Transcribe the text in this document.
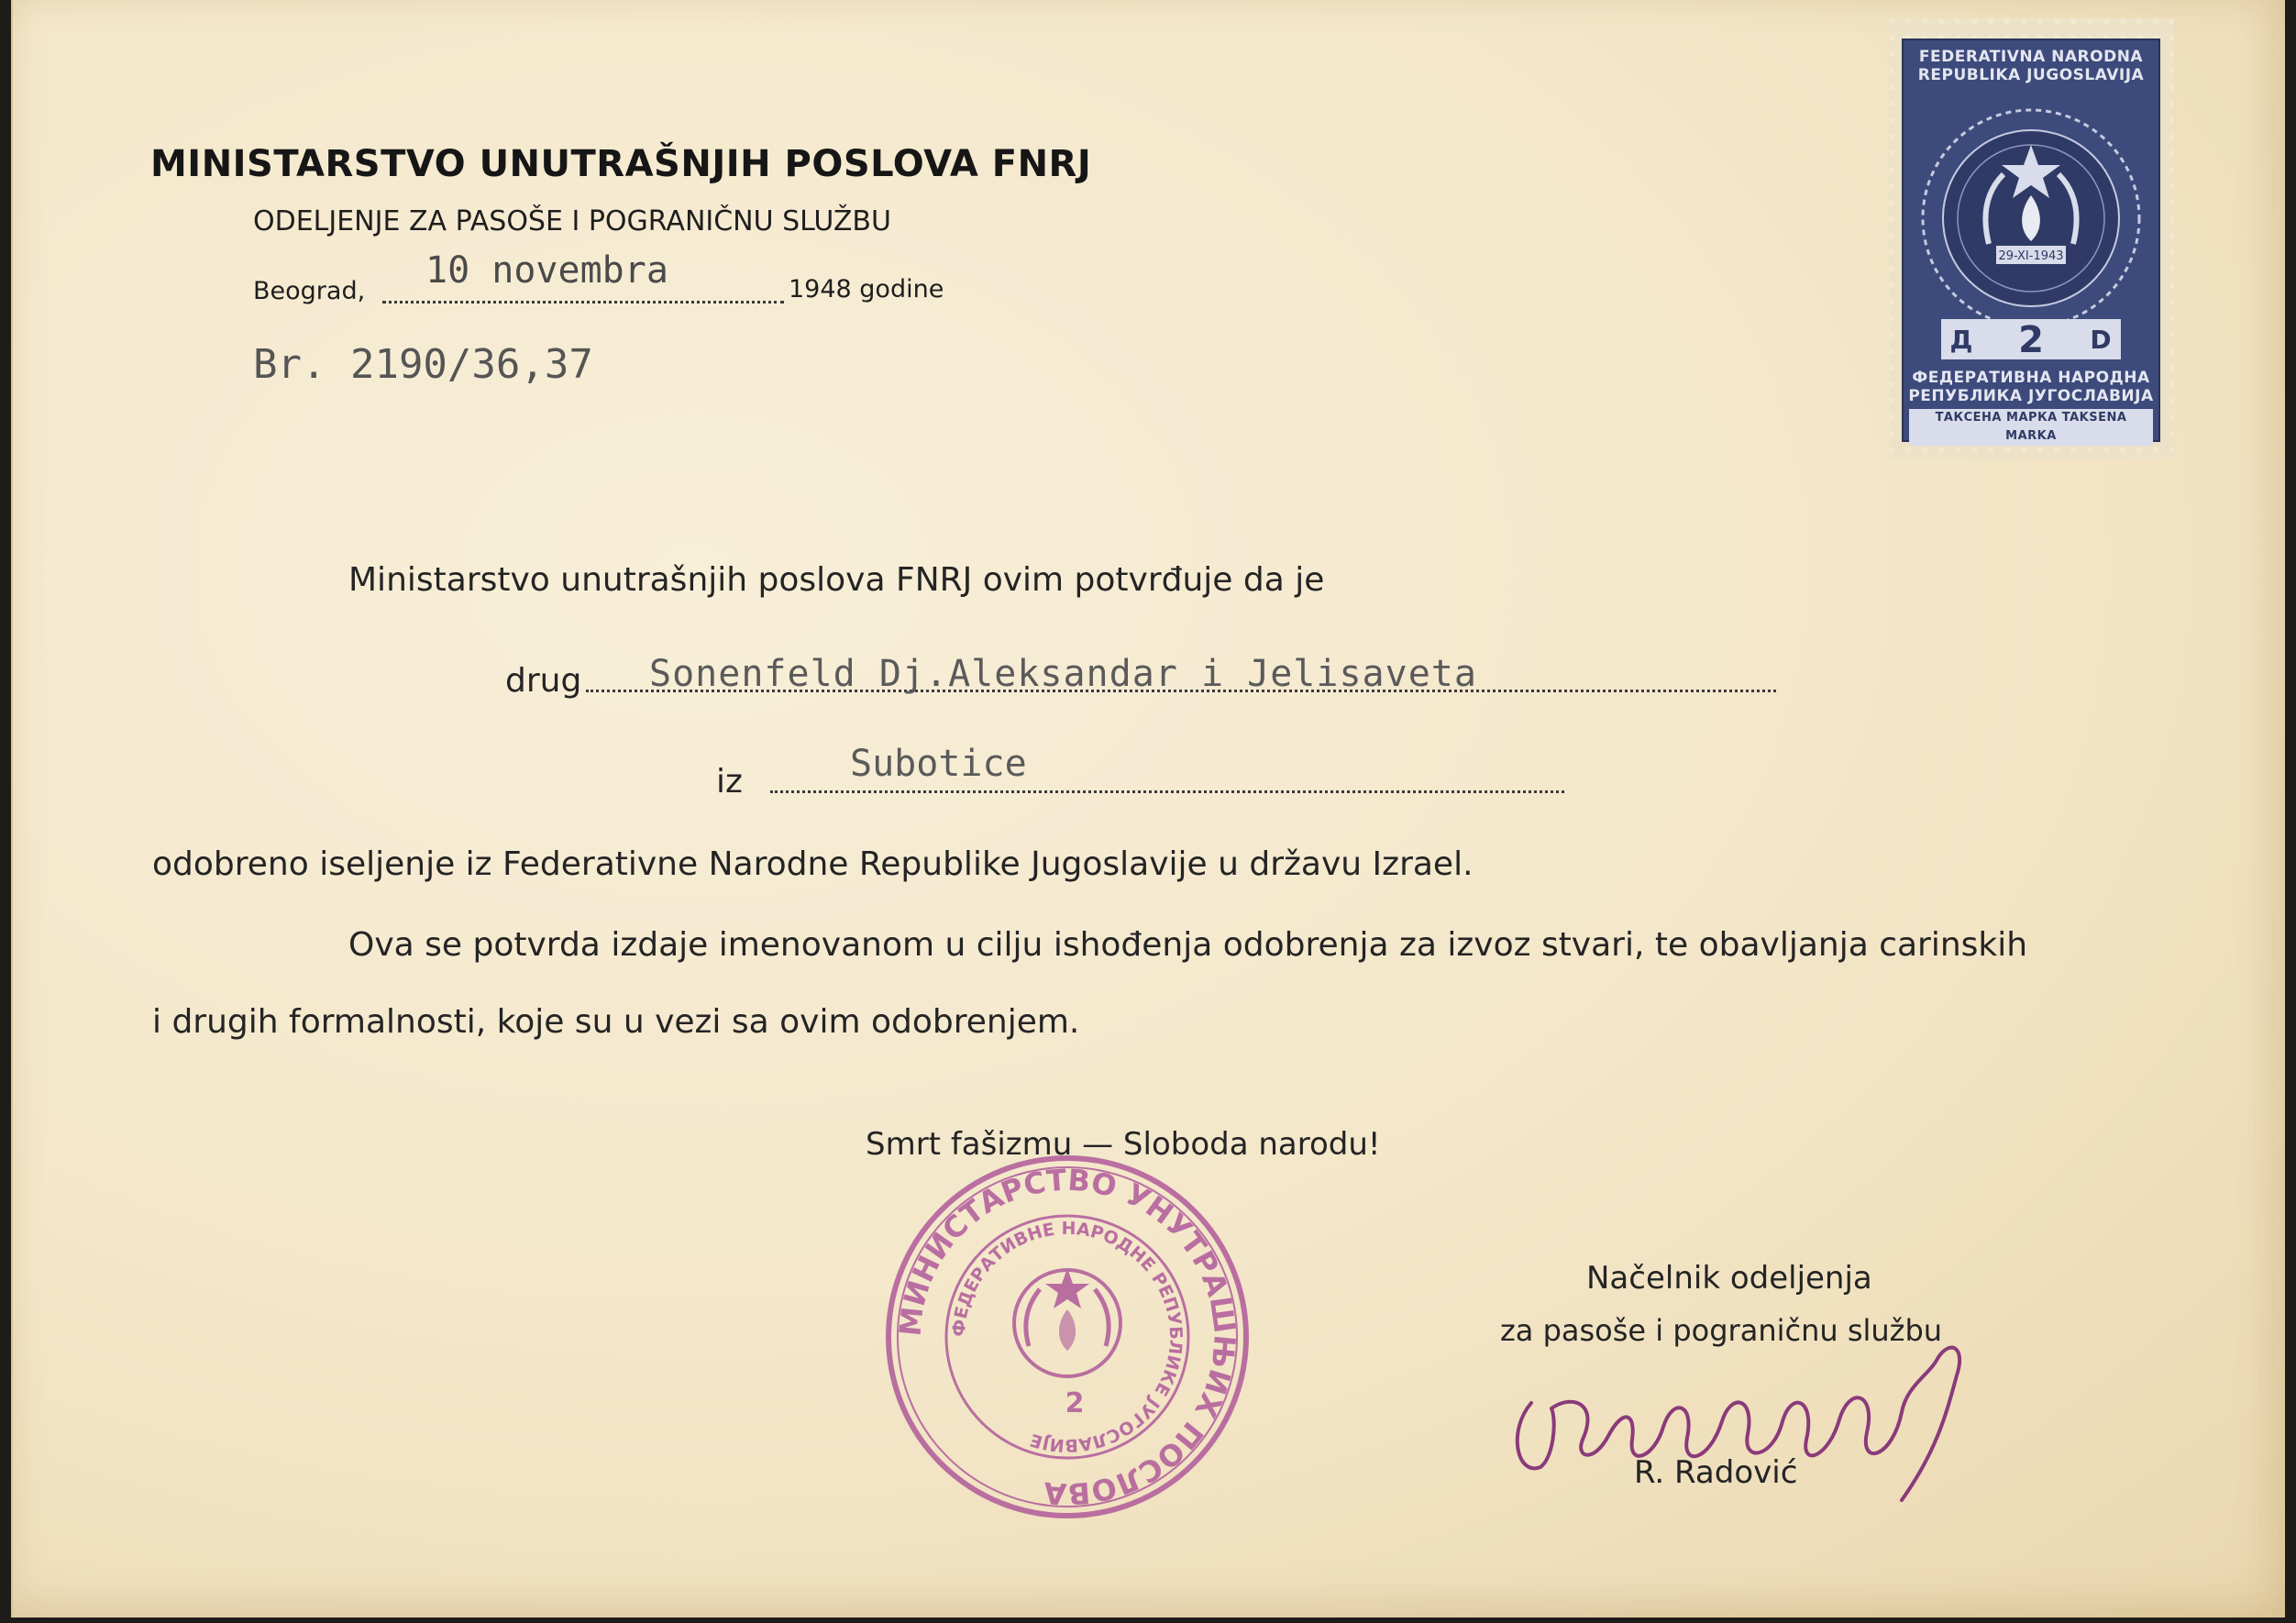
MINISTARSTVO UNUTRAŠNJIH POSLOVA FNRJ
ODELJENJE ZA PASOŠE I POGRANIČNU SLUŽBU
Beograd, 10 novembra	1948 godine
Br. 2190/36,37
FEDERATIVNA NARODNA
REPUBLIKA JUGOSLAVIJA
29-XI-1943
Д 2 D
ФЕДЕРАТИВНА НАРОДНА
РЕПУБЛИКА ЈУГОСЛАВИЈА
ТАКСЕНА МАРКА TAKSENA MARKA
Ministarstvo unutrašnjih poslova FNRJ ovim potvrđuje da je
drug Sonenfeld Dj.Aleksandar i Jelisaveta
iz	Subotice
odobreno iseljenje iz Federativne Narodne Republike Jugoslavije u državu Izrael.
Ova se potvrda izdaje imenovanom u cilju ishođenja odobrenja za izvoz stvari, te obavljanja carinskih
i drugih formalnosti, koje su u vezi sa ovim odobrenjem.
Smrt fašizmu — Sloboda narodu!
МИНИСТАРСТВО УНУТРАШЊИХ ПОСЛОВА
ФЕДЕРАТИВНЕ НАРОДНЕ РЕПУБЛИКЕ ЈУГОСЛАВИЈЕ
2
Načelnik odeljenja
za pasoše i pograničnu službu
R. Radović
